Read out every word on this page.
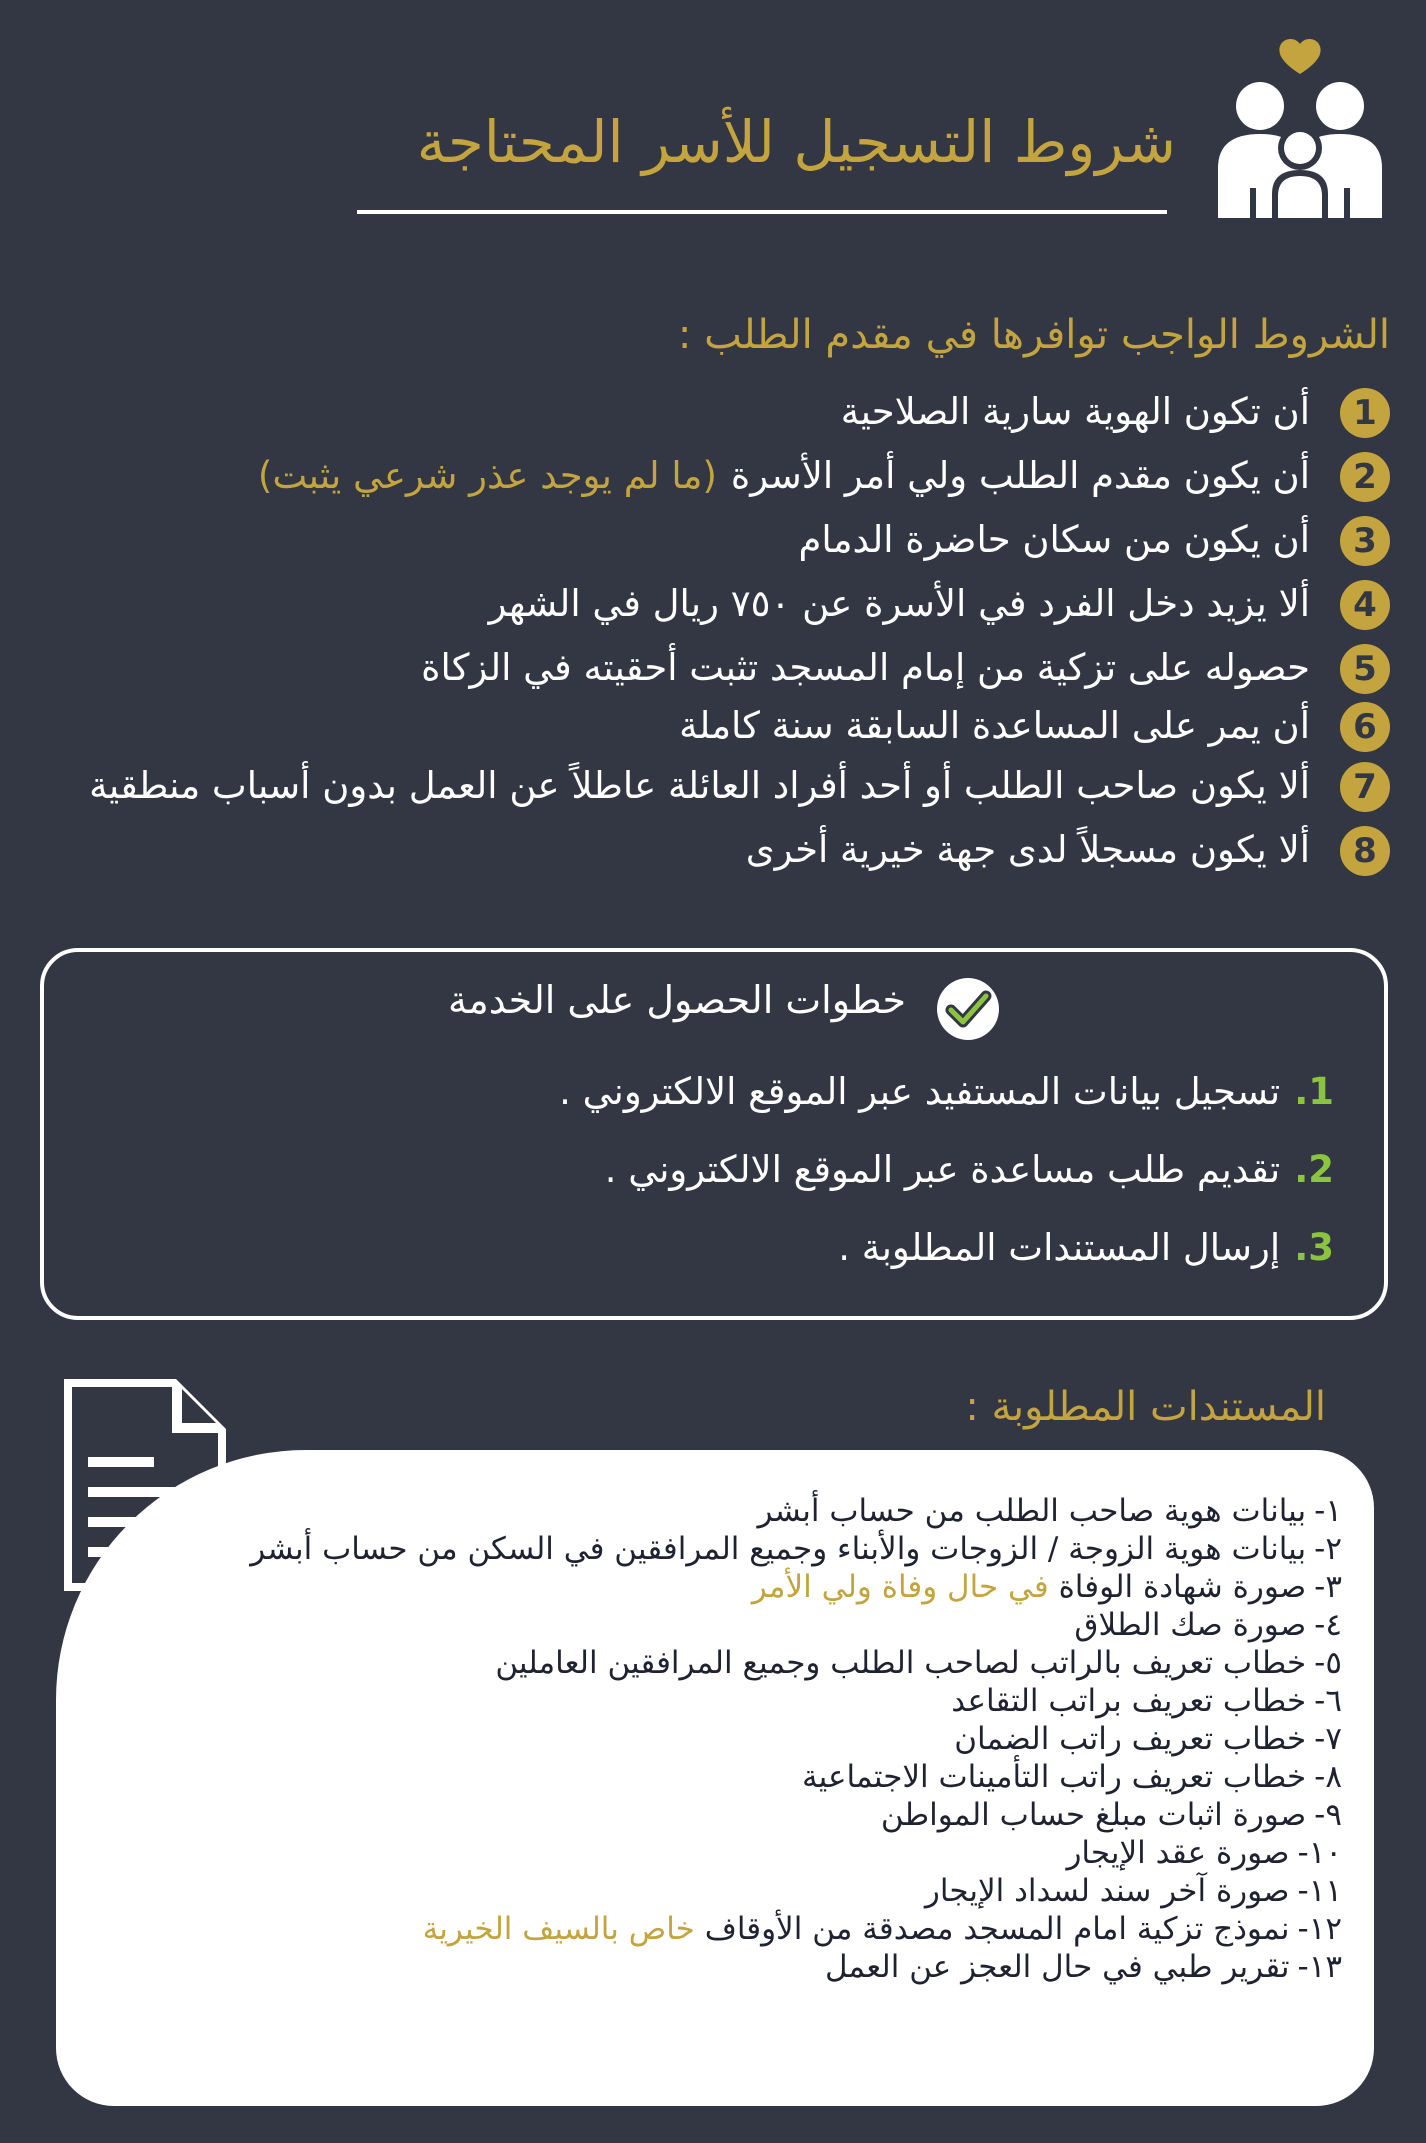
شروط التسجيل للأسر المحتاجة
الشروط الواجب توافرها في مقدم الطلب :
1
أن تكون الهوية سارية الصلاحية
2
أن يكون مقدم الطلب ولي أمر الأسرة(ما لم يوجد عذر شرعي يثبت)
3
أن يكون من سكان حاضرة الدمام
4
ألا يزيد دخل الفرد في الأسرة عن ٧٥٠ ريال في الشهر
5
حصوله على تزكية من إمام المسجد تثبت أحقيته في الزكاة
6
أن يمر على المساعدة السابقة سنة كاملة
7
ألا يكون صاحب الطلب أو أحد أفراد العائلة عاطلاً عن العمل بدون أسباب منطقية
8
ألا يكون مسجلاً لدى جهة خيرية أخرى
خطوات الحصول على الخدمة
1.تسجيل بيانات المستفيد عبر الموقع الالكتروني .
2.تقديم طلب مساعدة عبر الموقع الالكتروني .
3.إرسال المستندات المطلوبة .
المستندات المطلوبة :
١-بيانات هوية صاحب الطلب من حساب أبشر
٢-بيانات هوية الزوجة / الزوجات والأبناء وجميع المرافقين في السكن من حساب أبشر
٣-صورة شهادة الوفاة في حال وفاة ولي الأمر
٤-صورة صك الطلاق
٥-خطاب تعريف بالراتب لصاحب الطلب وجميع المرافقين العاملين
٦-خطاب تعريف براتب التقاعد
٧-خطاب تعريف راتب الضمان
٨-خطاب تعريف راتب التأمينات الاجتماعية
٩-صورة اثبات مبلغ حساب المواطن
١٠-صورة عقد الإيجار
١١-صورة آخر سند لسداد الإيجار
١٢-نموذج تزكية امام المسجد مصدقة من الأوقاف خاص بالسيف الخيرية
١٣-تقرير طبي في حال العجز عن العمل
